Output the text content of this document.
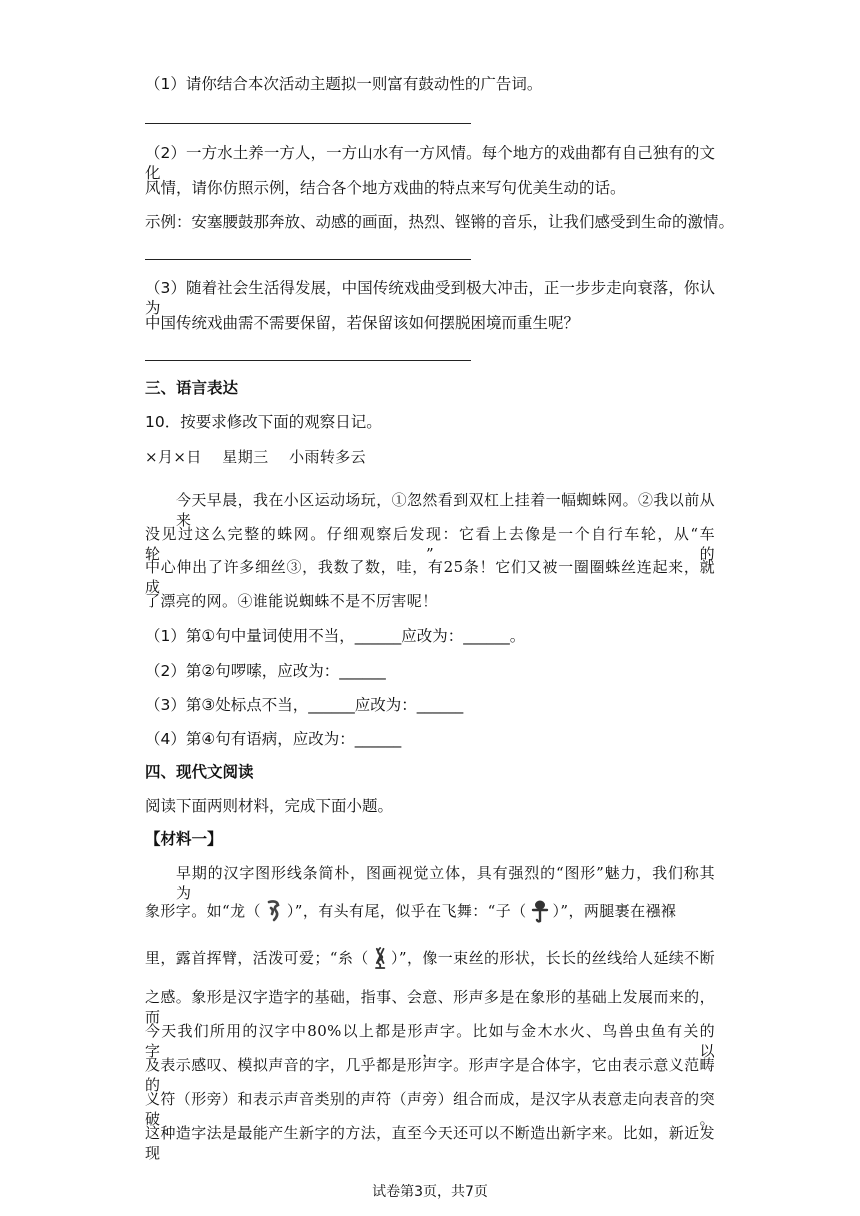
（1）请你结合本次活动主题拟一则富有鼓动性的广告词。
（2）一方水土养一方人，一方山水有一方风情。每个地方的戏曲都有自己独有的文化
风情，请你仿照示例，结合各个地方戏曲的特点来写句优美生动的话。
示例：安塞腰鼓那奔放、动感的画面，热烈、铿锵的音乐，让我们感受到生命的激情。
（3）随着社会生活得发展，中国传统戏曲受到极大冲击，正一步步走向衰落，你认为
中国传统戏曲需不需要保留，若保留该如何摆脱困境而重生呢？
三、语言表达
10．按要求修改下面的观察日记。
×月×日　 星期三　 小雨转多云
今天早晨，我在小区运动场玩，①忽然看到双杠上挂着一幅蜘蛛网。②我以前从来
没见过这么完整的蛛网。仔细观察后发现：它看上去像是一个自行车轮，从“车轮”的
中心伸出了许多细丝③，我数了数，哇，有25条！它们又被一圈圈蛛丝连起来，就成
了漂亮的网。④谁能说蜘蛛不是不厉害呢！
（1）第①句中量词使用不当，______应改为：______。
（2）第②句啰嗦，应改为：______
（3）第③处标点不当，______应改为：______
（4）第④句有语病，应改为：______
四、现代文阅读
阅读下面两则材料，完成下面小题。
【材料一】
早期的汉字图形线条简朴，图画视觉立体，具有强烈的“图形”魅力，我们称其为
象形字。如“龙（ ）”，有头有尾，似乎在飞舞：“子（ ）”，两腿裹在襁褓
里，露首挥臂，活泼可爱；“糸（ ）”，像一束丝的形状，长长的丝线给人延续不断
之感。象形是汉字造字的基础，指事、会意、形声多是在象形的基础上发展而来的，而
今天我们所用的汉字中80%以上都是形声字。比如与金木水火、鸟兽虫鱼有关的字，以
及表示感叹、模拟声音的字，几乎都是形声字。形声字是合体字，它由表示意义范畴的
义符（形旁）和表示声音类别的声符（声旁）组合而成，是汉字从表意走向表音的突破。
这种造字法是最能产生新字的方法，直至今天还可以不断造出新字来。比如，新近发现
试卷第3页，共7页
